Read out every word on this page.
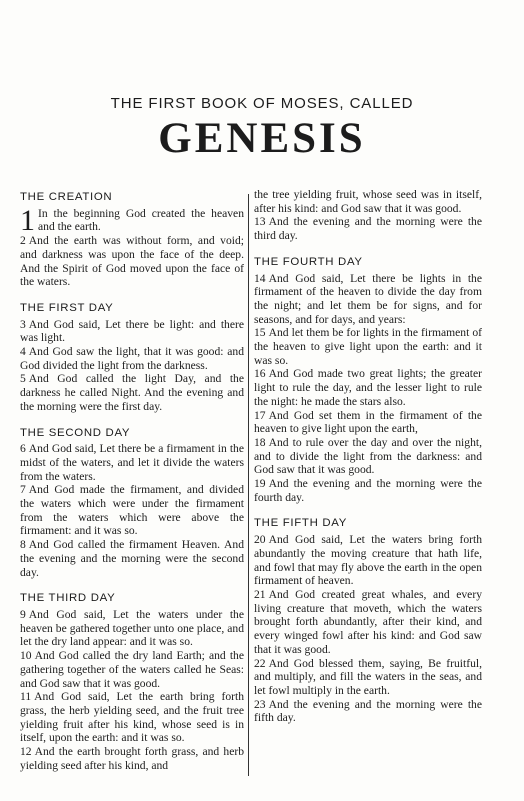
THE FIRST BOOK OF MOSES, CALLED
GENESIS
THE CREATION

1 In the beginning God created the heaven and the earth.

2 And the earth was without form, and void; and darkness was upon the face of the deep. And the Spirit of God moved upon the face of the waters.

THE FIRST DAY

3 And God said, Let there be light: and there was light.

4 And God saw the light, that it was good: and God divided the light from the darkness.

5 And God called the light Day, and the darkness he called Night. And the evening and the morning were the first day.

THE SECOND DAY

6 And God said, Let there be a firmament in the midst of the waters, and let it divide the waters from the waters.

7 And God made the firmament, and divided the waters which were under the firmament from the waters which were above the firmament: and it was so.

8 And God called the firmament Heaven. And the evening and the morning were the second day.

THE THIRD DAY

9 And God said, Let the waters under the heaven be gathered together unto one place, and let the dry land appear: and it was so.

10 And God called the dry land Earth; and the gathering together of the waters called he Seas: and God saw that it was good.

11 And God said, Let the earth bring forth grass, the herb yielding seed, and the fruit tree yielding fruit after his kind, whose seed is in itself, upon the earth: and it was so.

12 And the earth brought forth grass, and herb yielding seed after his kind, and

the tree yielding fruit, whose seed was in itself, after his kind: and God saw that it was good.

13 And the evening and the morning were the third day.

THE FOURTH DAY

14 And God said, Let there be lights in the firmament of the heaven to divide the day from the night; and let them be for signs, and for seasons, and for days, and years:

15 And let them be for lights in the firmament of the heaven to give light upon the earth: and it was so.

16 And God made two great lights; the greater light to rule the day, and the lesser light to rule the night: he made the stars also.

17 And God set them in the firmament of the heaven to give light upon the earth,

18 And to rule over the day and over the night, and to divide the light from the darkness: and God saw that it was good.

19 And the evening and the morning were the fourth day.

THE FIFTH DAY

20 And God said, Let the waters bring forth abundantly the moving creature that hath life, and fowl that may fly above the earth in the open firmament of heaven.

21 And God created great whales, and every living creature that moveth, which the waters brought forth abundantly, after their kind, and every winged fowl after his kind: and God saw that it was good.

22 And God blessed them, saying, Be fruitful, and multiply, and fill the waters in the seas, and let fowl multiply in the earth.

23 And the evening and the morning were the fifth day.
